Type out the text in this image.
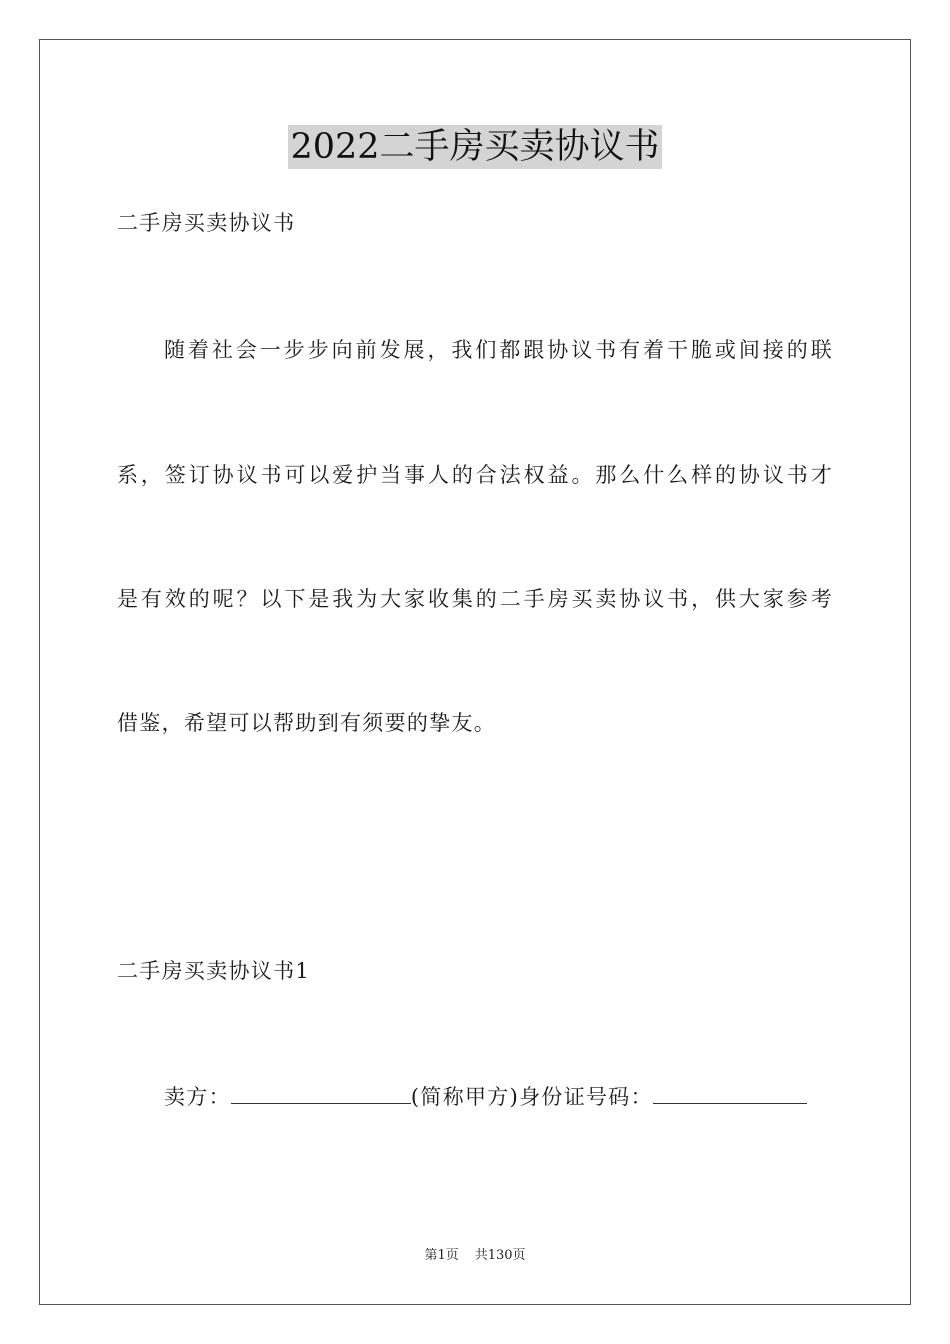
2022二手房买卖协议书
二手房买卖协议书
随着社会一步步向前发展，我们都跟协议书有着干脆或间接的联
系，签订协议书可以爱护当事人的合法权益。那么什么样的协议书才
是有效的呢？以下是我为大家收集的二手房买卖协议书，供大家参考
借鉴，希望可以帮助到有须要的挚友。
二手房买卖协议书1
卖方：	(简称甲方)身份证号码：
第1页 共130页
